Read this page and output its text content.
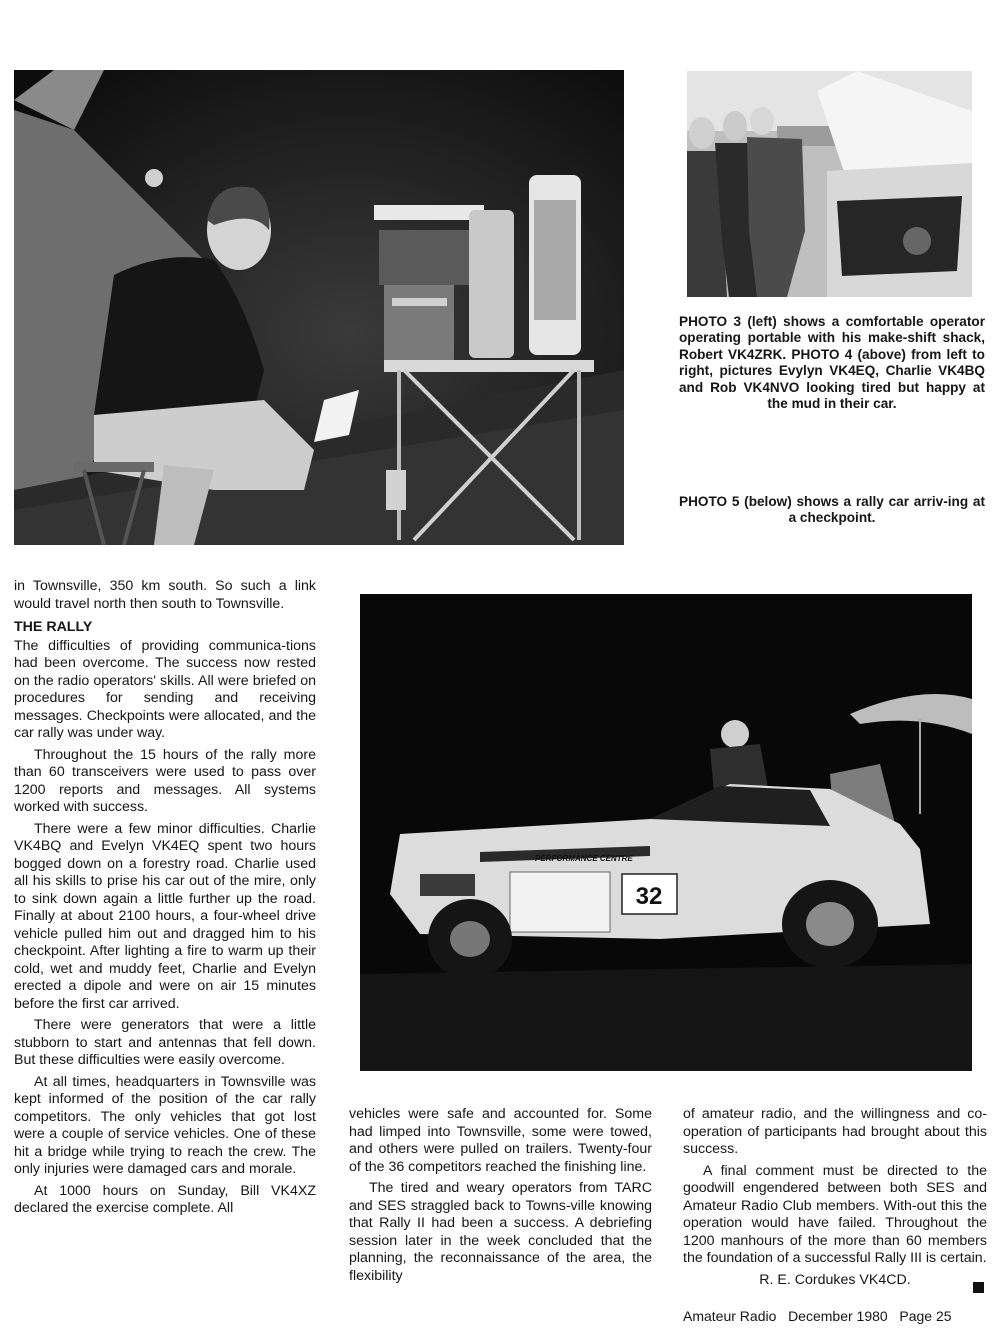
PHOTO 3 (left) shows a comfortable operator operating portable with his make-shift shack, Robert VK4ZRK. PHOTO 4 (above) from left to right, pictures Evylyn VK4EQ, Charlie VK4BQ and Rob VK4NVO looking tired but happy at the mud in their car.
PHOTO 5 (below) shows a rally car arriv-ing at a checkpoint.
32
PERFORMANCE CENTRE

in Townsville, 350 km south. So such a link would travel north then south to Townsville.

THE RALLY

The difficulties of providing communica-tions had been overcome. The success now rested on the radio operators' skills. All were briefed on procedures for sending and receiving messages. Checkpoints were allocated, and the car rally was under way.

Throughout the 15 hours of the rally more than 60 transceivers were used to pass over 1200 reports and messages. All systems worked with success.

There were a few minor difficulties. Charlie VK4BQ and Evelyn VK4EQ spent two hours bogged down on a forestry road. Charlie used all his skills to prise his car out of the mire, only to sink down again a little further up the road. Finally at about 2100 hours, a four-wheel drive vehicle pulled him out and dragged him to his checkpoint. After lighting a fire to warm up their cold, wet and muddy feet, Charlie and Evelyn erected a dipole and were on air 15 minutes before the first car arrived.

There were generators that were a little stubborn to start and antennas that fell down. But these difficulties were easily overcome.

At all times, headquarters in Townsville was kept informed of the position of the car rally competitors. The only vehicles that got lost were a couple of service vehicles. One of these hit a bridge while trying to reach the crew. The only injuries were damaged cars and morale.

At 1000 hours on Sunday, Bill VK4XZ declared the exercise complete. All

vehicles were safe and accounted for. Some had limped into Townsville, some were towed, and others were pulled on trailers. Twenty-four of the 36 competitors reached the finishing line.

The tired and weary operators from TARC and SES straggled back to Towns-ville knowing that Rally II had been a success. A debriefing session later in the week concluded that the planning, the reconnaissance of the area, the flexibility

of amateur radio, and the willingness and co-operation of participants had brought about this success.

A final comment must be directed to the goodwill engendered between both SES and Amateur Radio Club members. With-out this the operation would have failed. Throughout the 1200 manhours of the more than 60 members the foundation of a successful Rally III is certain.

R. E. Cordukes VK4CD.

Amateur Radio December 1980 Page 25
